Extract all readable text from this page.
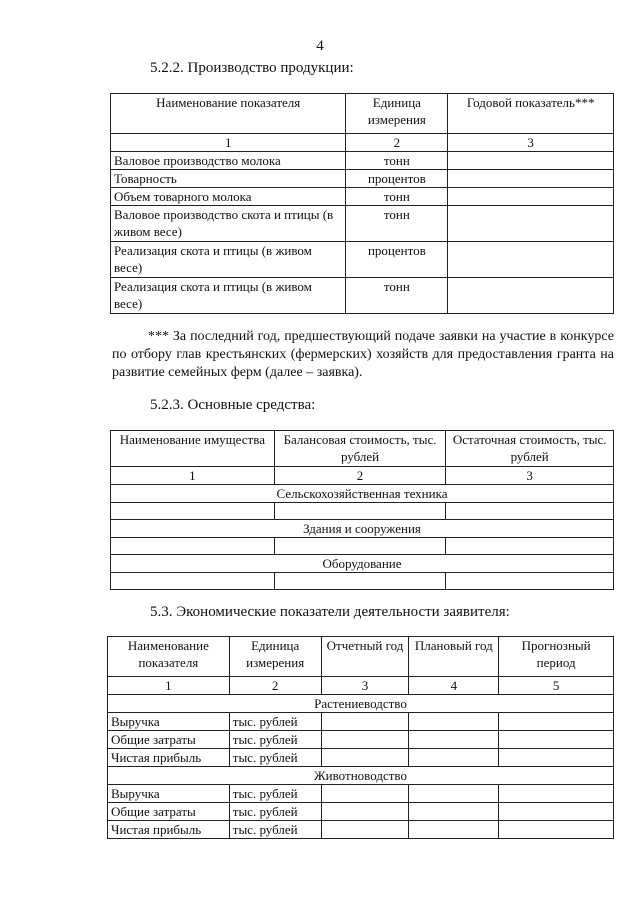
4
5.2.2. Производство продукции:
Наименование показателя	Единица измерения	Годовой показатель***
1	2	3
Валовое производство молока	тонн	
Товарность	процентов	
Объем товарного молока	тонн	
Валовое производство скота и птицы (в живом весе)	тонн	
Реализация скота и птицы (в живом весе)	процентов	
Реализация скота и птицы (в живом весе)	тонн	
*** За последний год, предшествующий подаче заявки на участие в конкурсе по отбору глав крестьянских (фермерских) хозяйств для предоставления гранта на развитие семейных ферм (далее – заявка).
5.2.3. Основные средства:
Наименование имущества	Балансовая стоимость, тыс. рублей	Остаточная стоимость, тыс. рублей
1	2	3
Сельскохозяйственная техника		

Здания и сооружения		

Оборудование		

5.3. Экономические показатели деятельности заявителя:
Наименование показателя	Единица измерения	Отчетный год	Плановый год	Прогнозный период
1	2	3	4	5
Растениеводство				
Выручка	тыс. рублей			
Общие затраты	тыс. рублей			
Чистая прибыль	тыс. рублей			
Животноводство				
Выручка	тыс. рублей			
Общие затраты	тыс. рублей			
Чистая прибыль	тыс. рублей			
